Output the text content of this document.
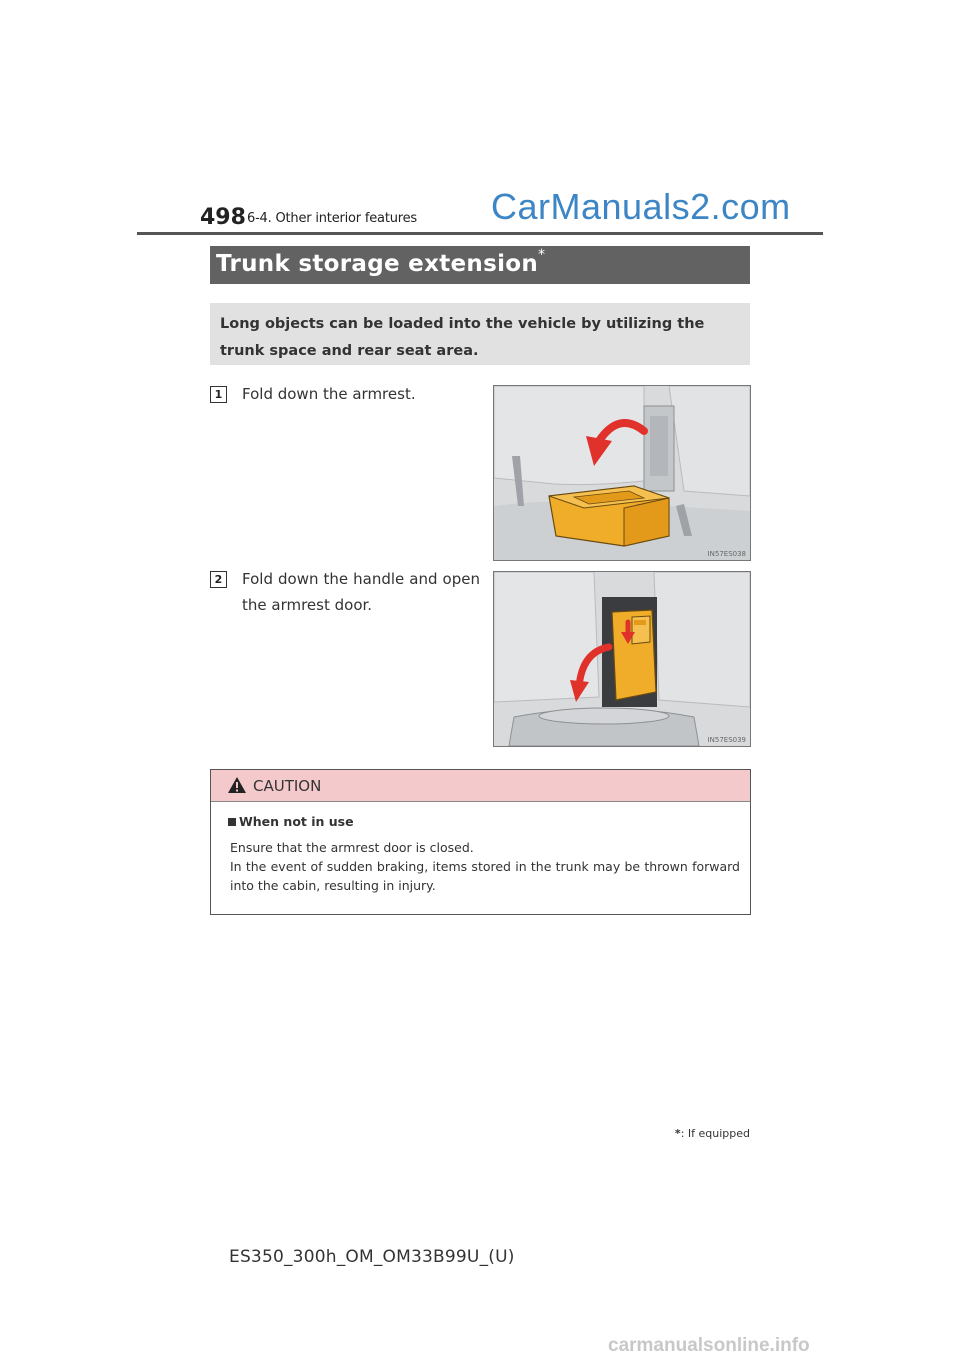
498 6-4. Other interior features CarManuals2.com
Trunk storage extension *
Long objects can be loaded into the vehicle by utilizing the trunk space and rear seat area.
1	Fold down the armrest.
IN57ES038
2	Fold down the handle and open the armrest door.
IN57ES039
CAUTION
When not in use
Ensure that the armrest door is closed.
In the event of sudden braking, items stored in the trunk may be thrown forward into the cabin, resulting in injury.
*: If equipped
ES350_300h_OM_OM33B99U_(U)
carmanualsonline.info
